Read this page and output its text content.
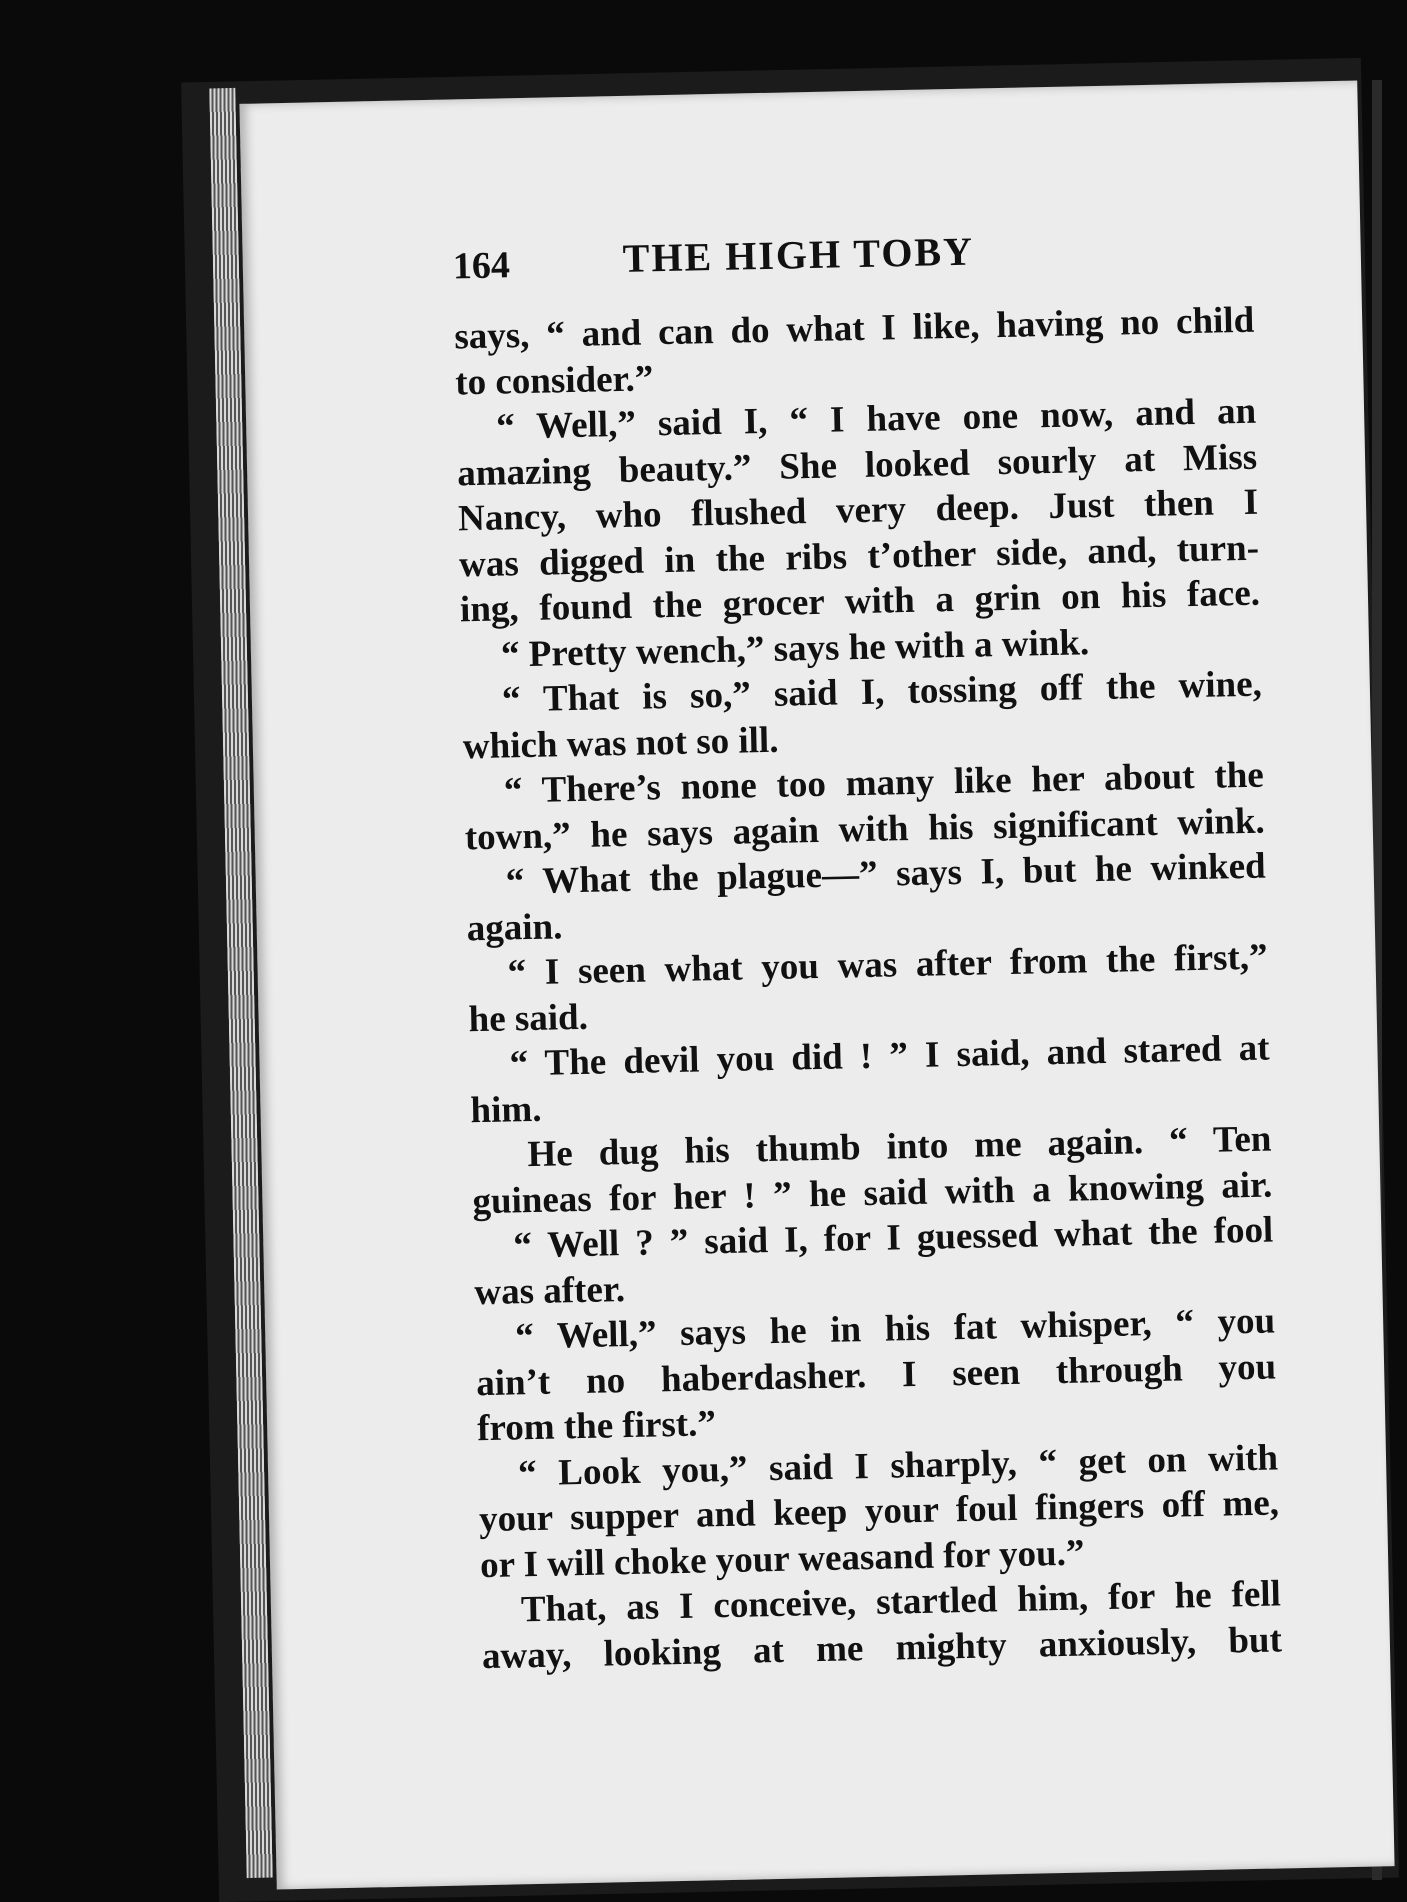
164	THE HIGH TOBY
says, “ and can do what I like, having no child
to consider.”
“ Well,” said I, “ I have one now, and an
amazing beauty.” She looked sourly at Miss
Nancy, who flushed very deep. Just then I
was digged in the ribs t’other side, and, turn-
ing, found the grocer with a grin on his face.
“ Pretty wench,” says he with a wink.
“ That is so,” said I, tossing off the wine,
which was not so ill.
“ There’s none too many like her about the
town,” he says again with his significant wink.
“ What the plague—” says I, but he winked
again.
“ I seen what you was after from the first,”
he said.
“ The devil you did ! ” I said, and stared at
him.
He dug his thumb into me again. “ Ten
guineas for her ! ” he said with a knowing air.
“ Well ? ” said I, for I guessed what the fool
was after.
“ Well,” says he in his fat whisper, “ you
ain’t no haberdasher. I seen through you
from the first.”
“ Look you,” said I sharply, “ get on with
your supper and keep your foul fingers off me,
or I will choke your weasand for you.”
That, as I conceive, startled him, for he fell
away, looking at me mighty anxiously, but
